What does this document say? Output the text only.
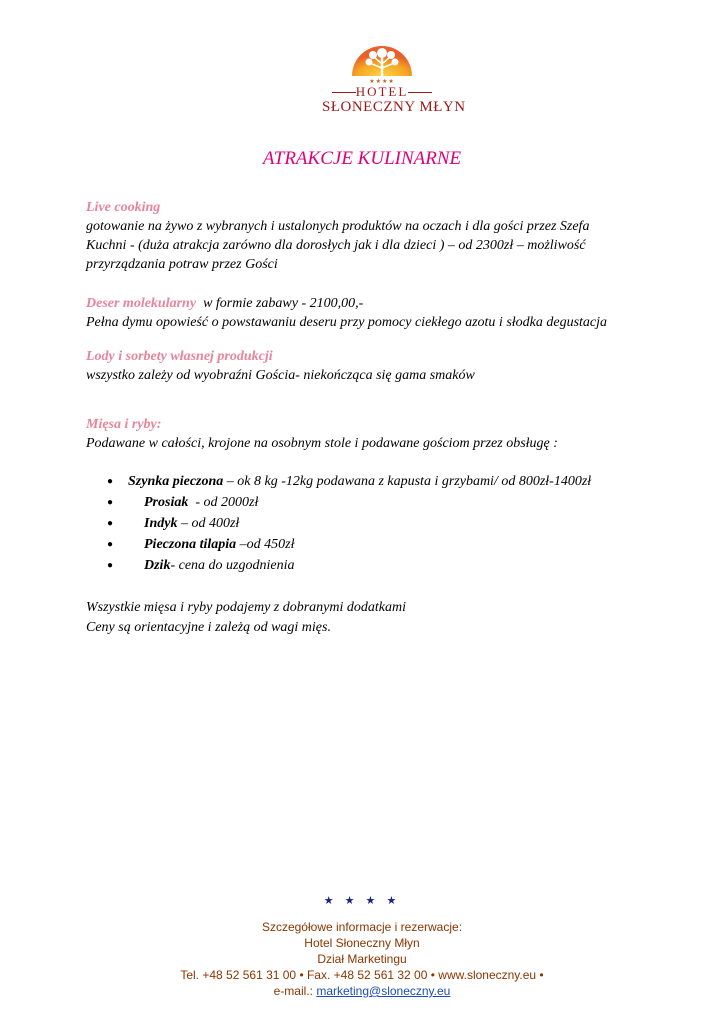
★★★★
HOTEL
SŁONECZNY MŁYN
ATRAKCJE KULINARNE
Live cooking
gotowanie na żywo z wybranych i ustalonych produktów na oczach i dla gości przez Szefa
Kuchni - (duża atrakcja zarówno dla dorosłych jak i dla dzieci ) – od 2300zł – możliwość
przyrządzania potraw przez Gości
Deser molekularny  w formie zabawy - 2100,00,-
Pełna dymu opowieść o powstawaniu deseru przy pomocy ciekłego azotu i słodka degustacja
Lody i sorbety własnej produkcji
wszystko zależy od wyobraźni Gościa- niekończąca się gama smaków
Mięsa i ryby:
Podawane w całości, krojone na osobnym stole i podawane gościom przez obsługę :
● Szynka pieczona – ok 8 kg -12kg podawana z kapusta i grzybami/ od 800zł-1400zł
● Prosiak  - od 2000zł
● Indyk – od 400zł
● Pieczona tilapia –od 450zł
● Dzik- cena do uzgodnienia
Wszystkie mięsa i ryby podajemy z dobranymi dodatkami
Ceny są orientacyjne i zależą od wagi mięs.
★ ★ ★ ★
Szczegółowe informacje i rezerwacje:
Hotel Słoneczny Młyn
Dział Marketingu
Tel. +48 52 561 31 00 • Fax. +48 52 561 32 00 • www.sloneczny.eu •
e-mail.: marketing@sloneczny.eu
